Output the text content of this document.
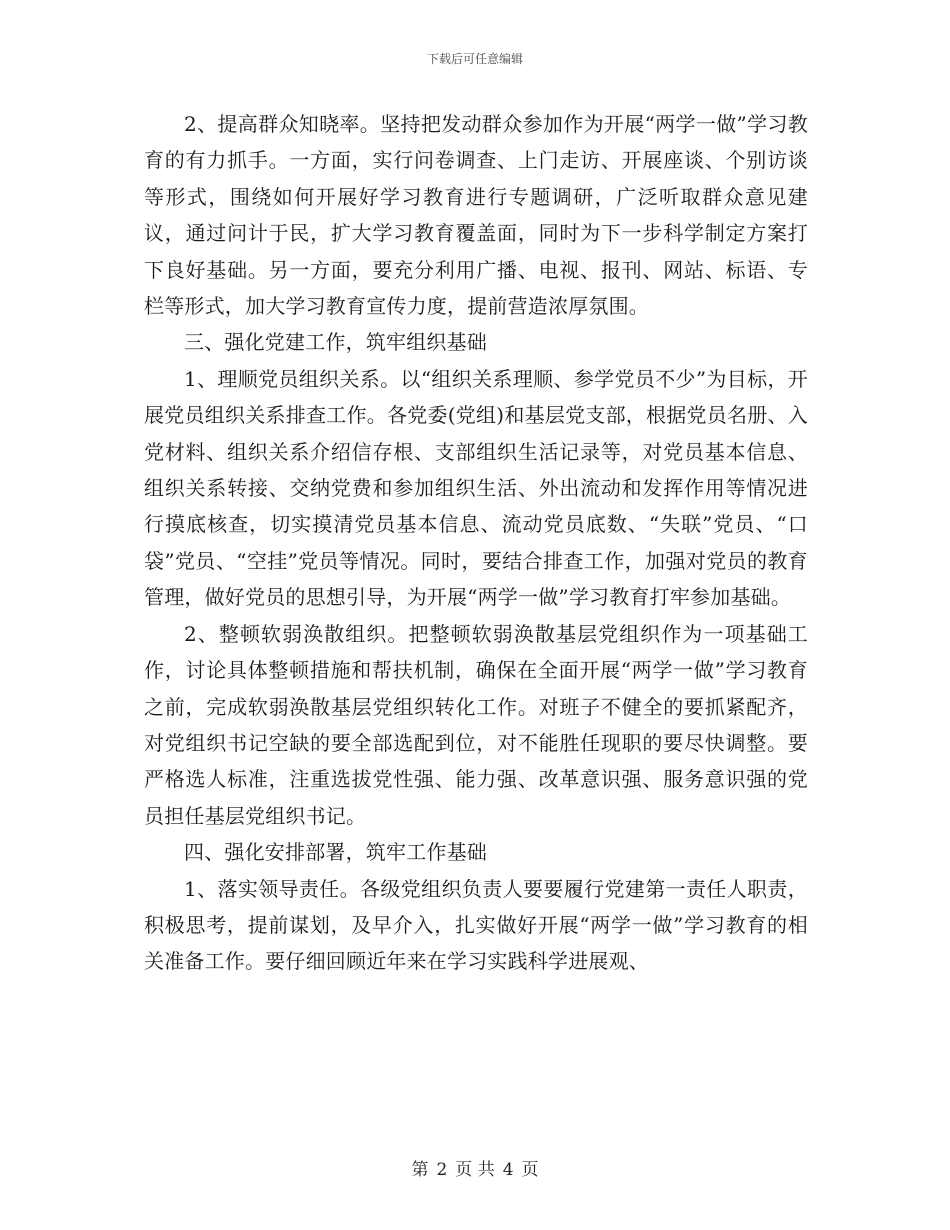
下载后可任意编辑

2、提高群众知晓率。坚持把发动群众参加作为开展“两学一做”学习教育的有力抓手。一方面，实行问卷调查、上门走访、开展座谈、个别访谈等形式，围绕如何开展好学习教育进行专题调研，广泛听取群众意见建议，通过问计于民，扩大学习教育覆盖面，同时为下一步科学制定方案打下良好基础。另一方面，要充分利用广播、电视、报刊、网站、标语、专栏等形式，加大学习教育宣传力度，提前营造浓厚氛围。

三、强化党建工作，筑牢组织基础

1、理顺党员组织关系。以“组织关系理顺、参学党员不少”为目标，开展党员组织关系排查工作。各党委(党组)和基层党支部，根据党员名册、入党材料、组织关系介绍信存根、支部组织生活记录等，对党员基本信息、组织关系转接、交纳党费和参加组织生活、外出流动和发挥作用等情况进行摸底核查，切实摸清党员基本信息、流动党员底数、“失联”党员、“口袋”党员、“空挂”党员等情况。同时，要结合排查工作，加强对党员的教育管理，做好党员的思想引导，为开展“两学一做”学习教育打牢参加基础。

2、整顿软弱涣散组织。把整顿软弱涣散基层党组织作为一项基础工作，讨论具体整顿措施和帮扶机制，确保在全面开展“两学一做”学习教育之前，完成软弱涣散基层党组织转化工作。对班子不健全的要抓紧配齐，对党组织书记空缺的要全部选配到位，对不能胜任现职的要尽快调整。要严格选人标准，注重选拔党性强、能力强、改革意识强、服务意识强的党员担任基层党组织书记。

四、强化安排部署，筑牢工作基础

1、落实领导责任。各级党组织负责人要要履行党建第一责任人职责，积极思考，提前谋划，及早介入，扎实做好开展“两学一做”学习教育的相关准备工作。要仔细回顾近年来在学习实践科学进展观、

第 2 页 共 4 页
